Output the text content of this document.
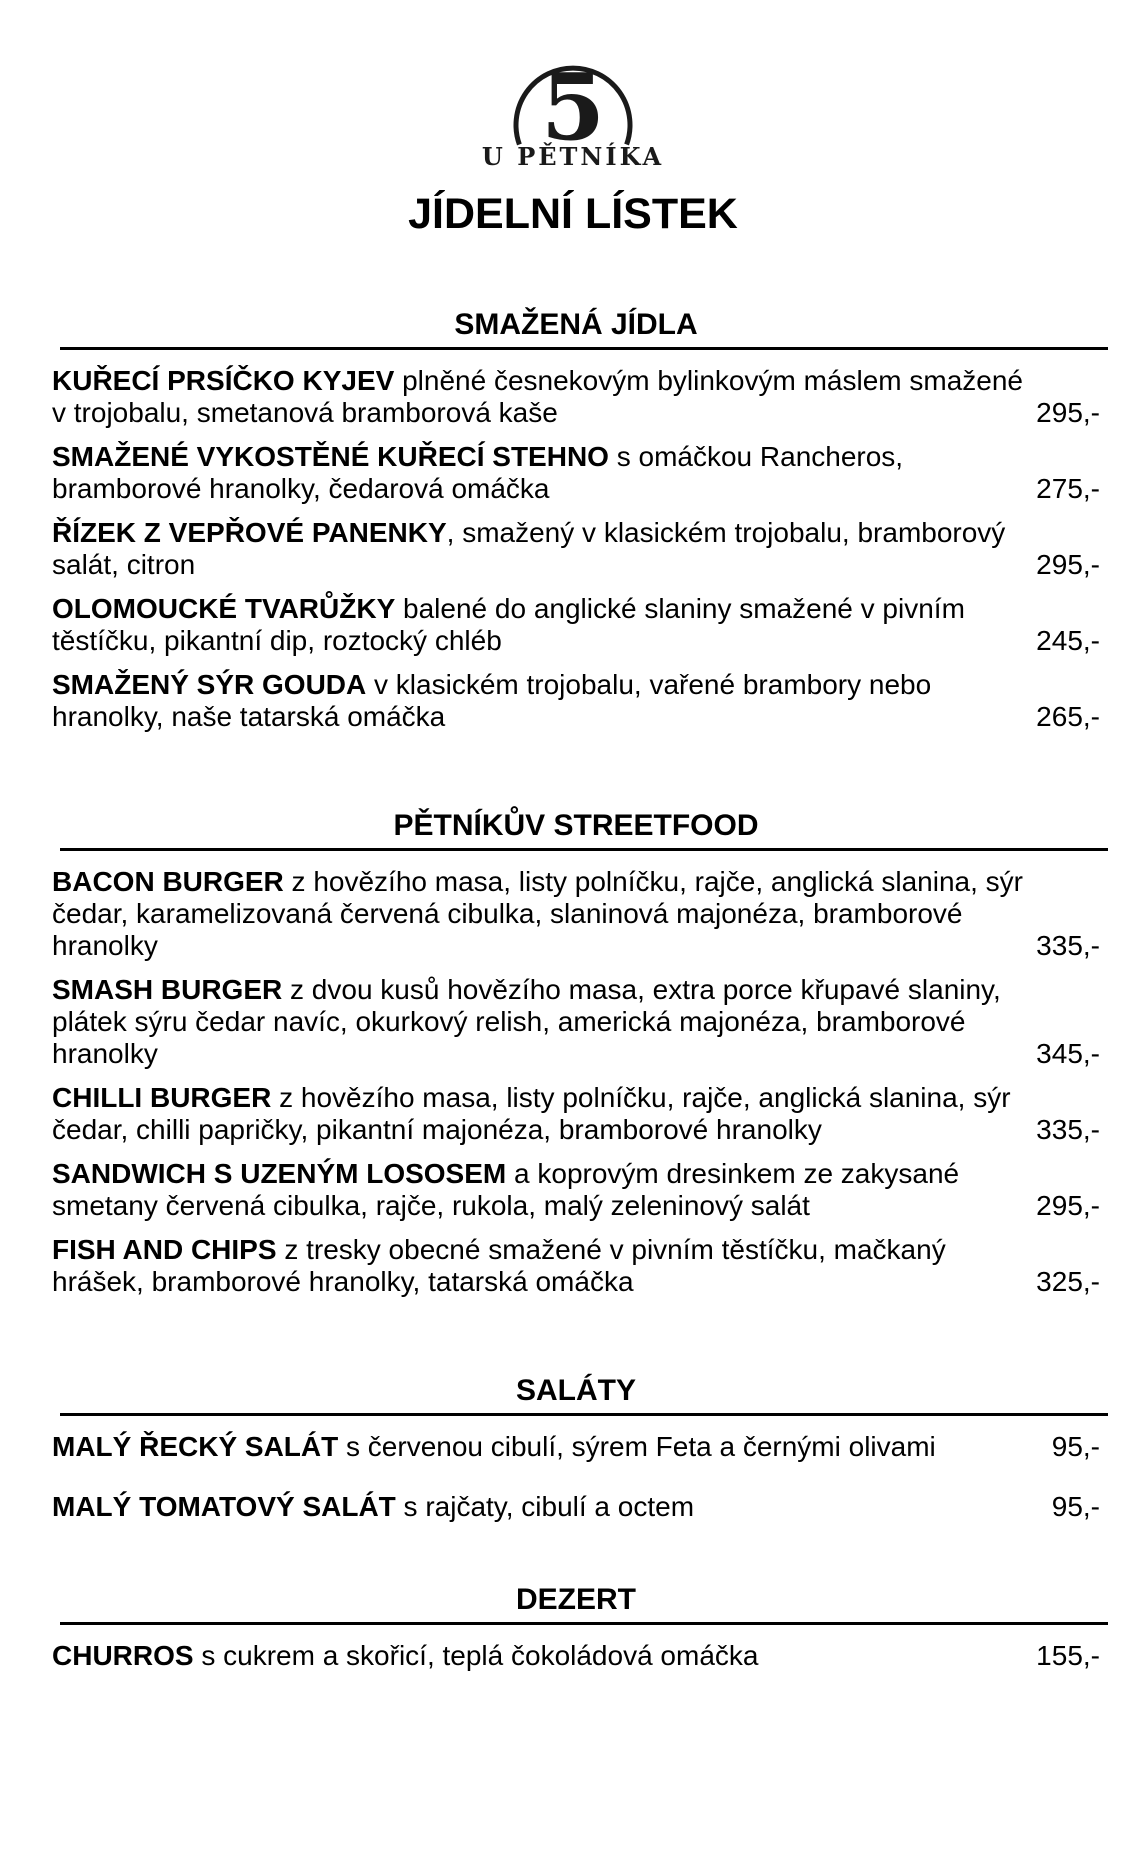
5
U PĚTNÍKA
JÍDELNÍ LÍSTEK
SMAŽENÁ JÍDLA
KUŘECÍ PRSÍČKO KYJEV plněné česnekovým bylinkovým máslem smažené v trojobalu, smetanová bramborová kaše	295,-
SMAŽENÉ VYKOSTĚNÉ KUŘECÍ STEHNO s omáčkou Rancheros, bramborové hranolky, čedarová omáčka	275,-
ŘÍZEK Z VEPŘOVÉ PANENKY, smažený v klasickém trojobalu, bramborový salát, citron	295,-
OLOMOUCKÉ TVARŮŽKY balené do anglické slaniny smažené v pivním těstíčku, pikantní dip, roztocký chléb	245,-
SMAŽENÝ SÝR GOUDA v klasickém trojobalu, vařené brambory nebo hranolky, naše tatarská omáčka	265,-
PĚTNÍKŮV STREETFOOD
BACON BURGER z hovězího masa, listy polníčku, rajče, anglická slanina, sýr čedar, karamelizovaná červená cibulka, slaninová majonéza, bramborové hranolky	335,-
SMASH BURGER z dvou kusů hovězího masa, extra porce křupavé slaniny, plátek sýru čedar navíc, okurkový relish, americká majonéza, bramborové hranolky	345,-
CHILLI BURGER z hovězího masa, listy polníčku, rajče, anglická slanina, sýr čedar, chilli papričky, pikantní majonéza, bramborové hranolky	335,-
SANDWICH S UZENÝM LOSOSEM a koprovým dresinkem ze zakysané smetany červená cibulka, rajče, rukola, malý zeleninový salát	295,-
FISH AND CHIPS z tresky obecné smažené v pivním těstíčku, mačkaný hrášek, bramborové hranolky, tatarská omáčka	325,-
SALÁTY
MALÝ ŘECKÝ SALÁT s červenou cibulí, sýrem Feta a černými olivami	95,-
MALÝ TOMATOVÝ SALÁT s rajčaty, cibulí a octem	95,-
DEZERT
CHURROS s cukrem a skořicí, teplá čokoládová omáčka	155,-
